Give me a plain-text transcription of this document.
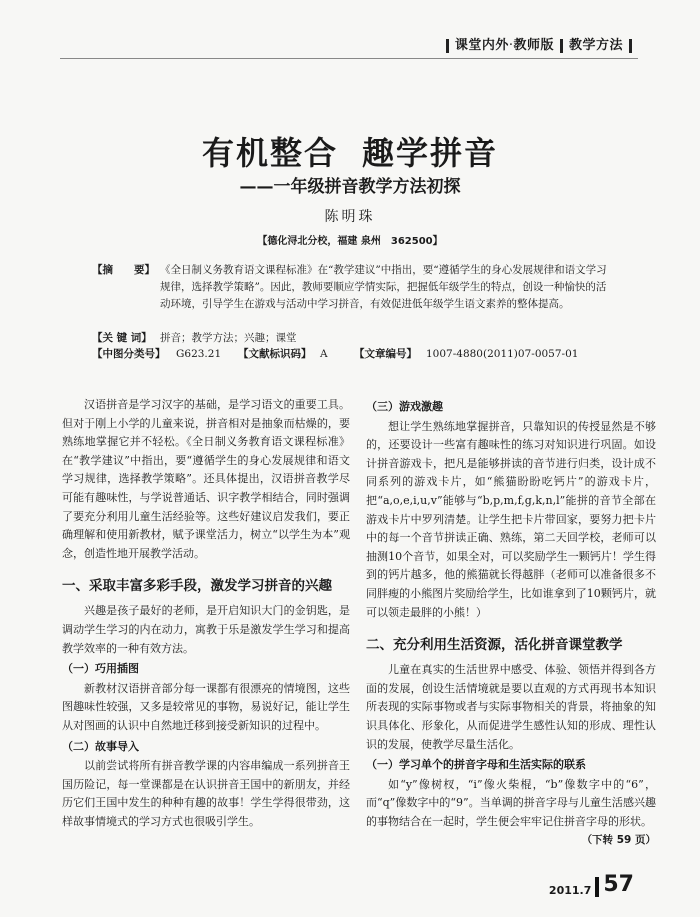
课堂内外·教师版 教学方法
有机整合 趣学拼音
——一年级拼音教学方法初探
陈明珠
【德化浔北分校，福建 泉州　362500】
【摘　　要】 《全日制义务教育语文课程标准》在“教学建议”中指出，要“遵循学生的身心发展规律和语文学习规律，选择教学策略”。因此，教师要顺应学情实际，把握低年级学生的特点，创设一种愉快的活动环境，引导学生在游戏与活动中学习拼音，有效促进低年级学生语文素养的整体提高。
【关 键 词】 拼音；教学方法；兴趣；课堂
【中图分类号】 G623.21 【文献标识码】 A	【文章编号】 1007-4880(2011)07-0057-01

汉语拼音是学习汉字的基础，是学习语文的重要工具。但对于刚上小学的儿童来说，拼音相对是抽象而枯燥的，要熟练地掌握它并不轻松。《全日制义务教育语文课程标准》在“教学建议”中指出，要“遵循学生的身心发展规律和语文学习规律，选择教学策略”。还具体提出，汉语拼音教学尽可能有趣味性，与学说普通话、识字教学相结合，同时强调了要充分利用儿童生活经验等。这些好建议启发我们，要正确理解和使用新教材，赋予课堂活力，树立“以学生为本”观念，创造性地开展教学活动。

一、采取丰富多彩手段，激发学习拼音的兴趣

兴趣是孩子最好的老师，是开启知识大门的金钥匙，是调动学生学习的内在动力，寓教于乐是激发学生学习和提高教学效率的一种有效方法。

（一）巧用插图

新教材汉语拼音部分每一课都有很漂亮的情境图，这些图趣味性较强，又多是较常见的事物，易说好记，能让学生从对图画的认识中自然地迁移到接受新知识的过程中。

（二）故事导入

以前尝试将所有拼音教学课的内容串编成一系列拼音王国历险记，每一堂课都是在认识拼音王国中的新朋友，并经历它们王国中发生的种种有趣的故事！学生学得很带劲，这样故事情境式的学习方式也很吸引学生。

（三）游戏激趣

想让学生熟练地掌握拼音，只靠知识的传授显然是不够的，还要设计一些富有趣味性的练习对知识进行巩固。如设计拼音游戏卡，把凡是能够拼读的音节进行归类，设计成不同系列的游戏卡片，如“熊猫盼盼吃钙片”的游戏卡片，把“a,o,e,i,u,v”能够与“b,p,m,f,g,k,n,l”能拼的音节全部在游戏卡片中罗列清楚。让学生把卡片带回家，要努力把卡片中的每一个音节拼读正确、熟练，第二天回学校，老师可以抽测10个音节，如果全对，可以奖励学生一颗钙片！学生得到的钙片越多，他的熊猫就长得越胖（老师可以准备很多不同胖瘦的小熊图片奖励给学生，比如谁拿到了10颗钙片，就可以领走最胖的小熊！）

二、充分利用生活资源，活化拼音课堂教学

儿童在真实的生活世界中感受、体验、领悟并得到各方面的发展，创设生活情境就是要以直观的方式再现书本知识所表现的实际事物或者与实际事物相关的背景，将抽象的知识具体化、形象化，从而促进学生感性认知的形成、理性认识的发展，使教学尽量生活化。

（一）学习单个的拼音字母和生活实际的联系

如“y”像树杈，“i”像火柴棍，“b”像数字中的“6”，而“q”像数字中的“9”。当单调的拼音字母与儿童生活感兴趣的事物结合在一起时，学生便会牢牢记住拼音字母的形状。

（下转 59 页）
2011.7 57
